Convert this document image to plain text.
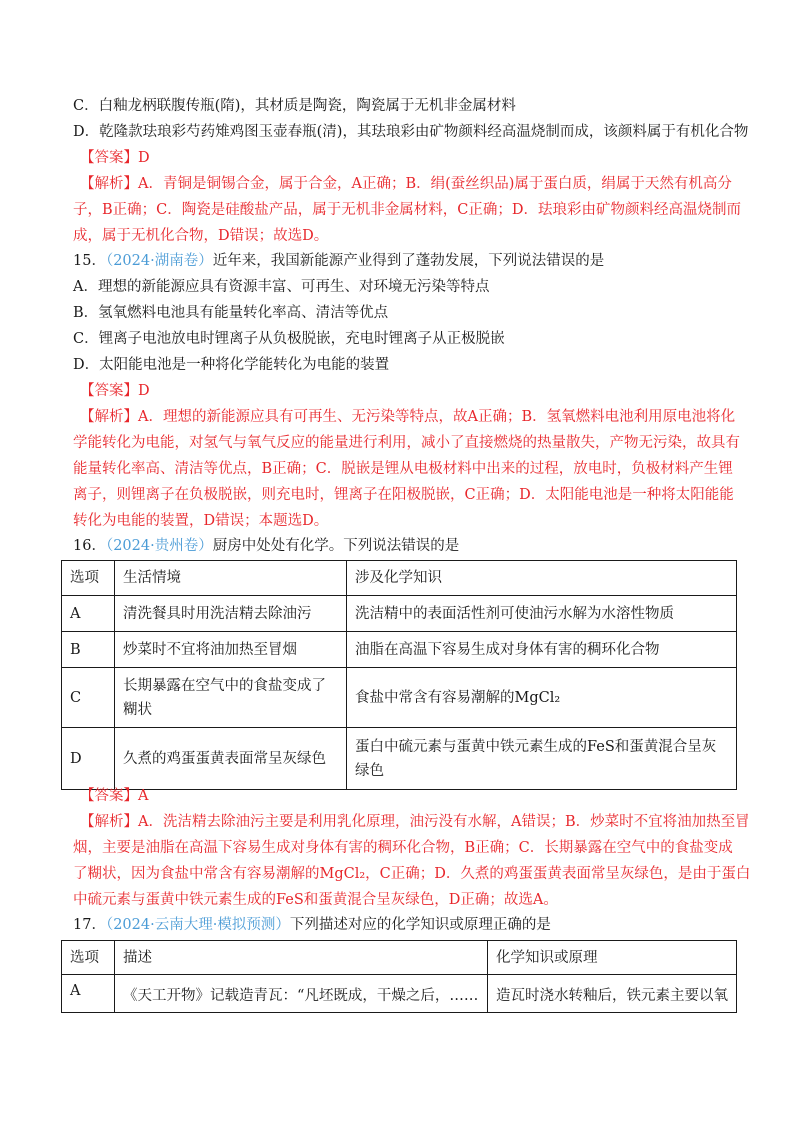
C．白釉龙柄联腹传瓶(隋)，其材质是陶瓷，陶瓷属于无机非金属材料
D．乾隆款珐琅彩芍药雉鸡图玉壶春瓶(清)，其珐琅彩由矿物颜料经高温烧制而成，该颜料属于有机化合物
【答案】D
【解析】A．青铜是铜锡合金，属于合金，A正确；B．绢(蚕丝织品)属于蛋白质，绢属于天然有机高分
子，B正确；C．陶瓷是硅酸盐产品，属于无机非金属材料，C正确；D．珐琅彩由矿物颜料经高温烧制而
成，属于无机化合物，D错误；故选D。
15．（2024·湖南卷）近年来，我国新能源产业得到了蓬勃发展，下列说法错误的是
A．理想的新能源应具有资源丰富、可再生、对环境无污染等特点
B．氢氧燃料电池具有能量转化率高、清洁等优点
C．锂离子电池放电时锂离子从负极脱嵌，充电时锂离子从正极脱嵌
D．太阳能电池是一种将化学能转化为电能的装置
【答案】D
【解析】A．理想的新能源应具有可再生、无污染等特点，故A正确；B．氢氧燃料电池利用原电池将化
学能转化为电能，对氢气与氧气反应的能量进行利用，减小了直接燃烧的热量散失，产物无污染，故具有
能量转化率高、清洁等优点，B正确；C．脱嵌是锂从电极材料中出来的过程，放电时，负极材料产生锂
离子，则锂离子在负极脱嵌，则充电时，锂离子在阳极脱嵌，C正确；D．太阳能电池是一种将太阳能能
转化为电能的装置，D错误；本题选D。
16．（2024·贵州卷）厨房中处处有化学。下列说法错误的是
选项	生活情境	涉及化学知识
A	清洗餐具时用洗洁精去除油污	洗洁精中的表面活性剂可使油污水解为水溶性物质
B	炒菜时不宜将油加热至冒烟	油脂在高温下容易生成对身体有害的稠环化合物
C	长期暴露在空气中的食盐变成了糊状	食盐中常含有容易潮解的MgCl₂
D	久煮的鸡蛋蛋黄表面常呈灰绿色	蛋白中硫元素与蛋黄中铁元素生成的FeS和蛋黄混合呈灰绿色
【答案】A
【解析】A．洗洁精去除油污主要是利用乳化原理，油污没有水解，A错误；B．炒菜时不宜将油加热至冒
烟，主要是油脂在高温下容易生成对身体有害的稠环化合物，B正确；C．长期暴露在空气中的食盐变成
了糊状，因为食盐中常含有容易潮解的MgCl₂，C正确；D．久煮的鸡蛋蛋黄表面常呈灰绿色，是由于蛋白
中硫元素与蛋黄中铁元素生成的FeS和蛋黄混合呈灰绿色，D正确；故选A。
17．（2024·云南大理·模拟预测）下列描述对应的化学知识或原理正确的是
选项	描述	化学知识或原理
A	《天工开物》记载造青瓦：“凡坯既成，干燥之后，……	造瓦时浇水转釉后，铁元素主要以氧
